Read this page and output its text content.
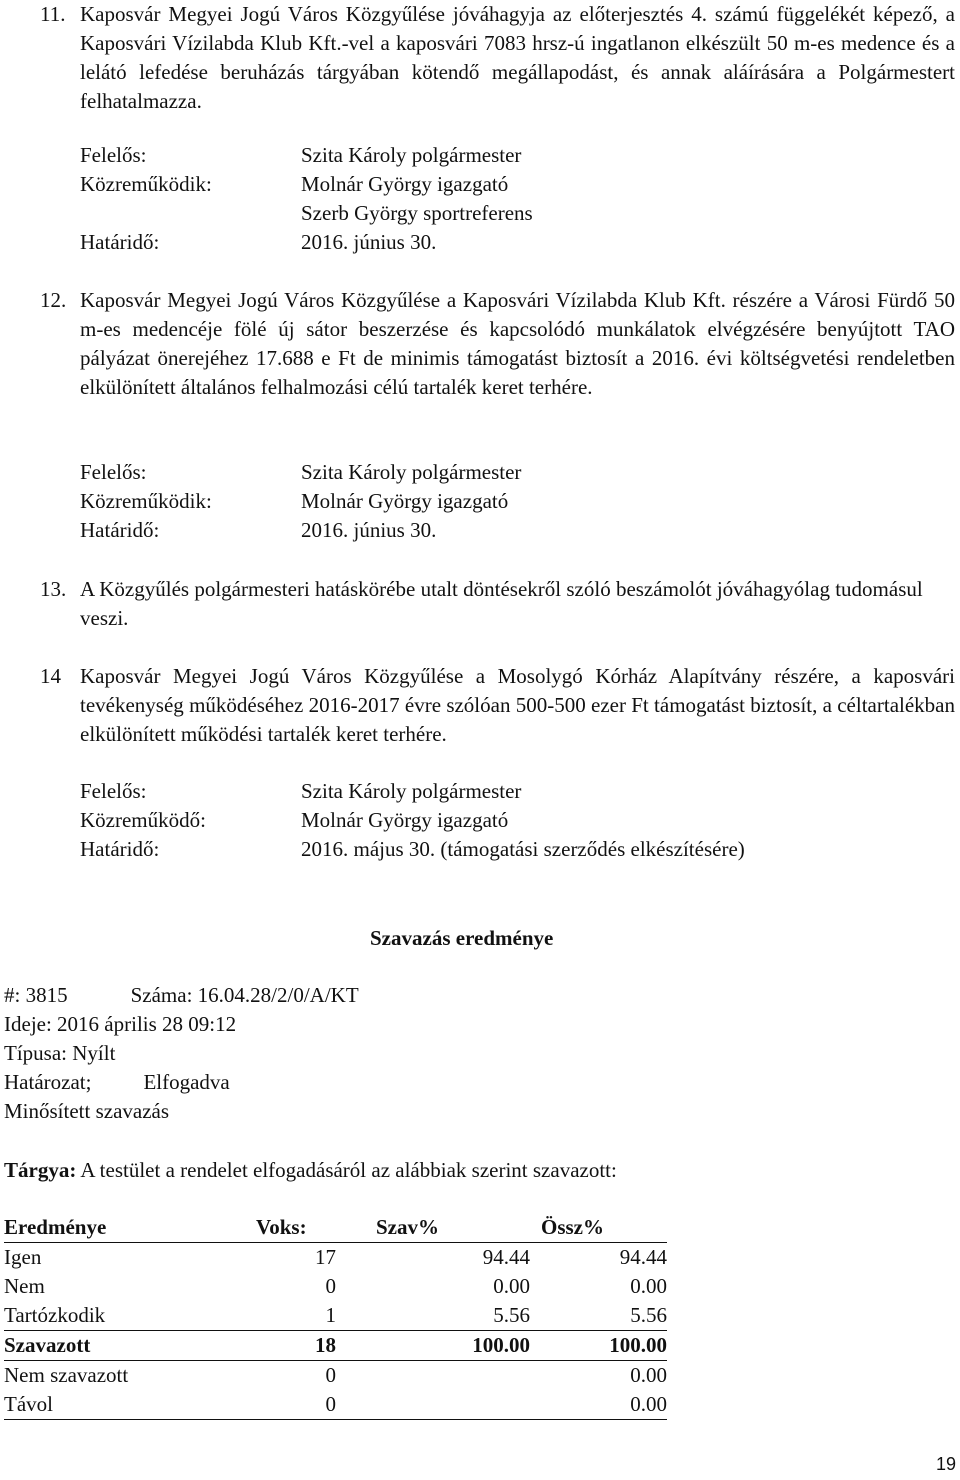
11. Kaposvár Megyei Jogú Város Közgyűlése jóváhagyja az előterjesztés 4. számú függelékét képező, a Kaposvári Vízilabda Klub Kft.-vel a kaposvári 7083 hrsz-ú ingatlanon elkészült 50 m-es medence és a lelátó lefedése beruházás tárgyában kötendő megállapodást, és annak aláírására a Polgármestert felhatalmazza.
Felelős:	Szita Károly polgármester
Közreműködik:	Molnár György igazgató
Szerb György sportreferens
Határidő:	2016. június 30.
12. Kaposvár Megyei Jogú Város Közgyűlése a Kaposvári Vízilabda Klub Kft. részére a Városi Fürdő 50 m-es medencéje fölé új sátor beszerzése és kapcsolódó munkálatok elvégzésére benyújtott TAO pályázat önerejéhez 17.688 e Ft de minimis támogatást biztosít a 2016. évi költségvetési rendeletben elkülönített általános felhalmozási célú tartalék keret terhére.
Felelős:	Szita Károly polgármester
Közreműködik:	Molnár György igazgató
Határidő:	2016. június 30.
13. A Közgyűlés polgármesteri hatáskörébe utalt döntésekről szóló beszámolót jóváhagyólag tudomásul veszi.
14 Kaposvár Megyei Jogú Város Közgyűlése a Mosolygó Kórház Alapítvány részére, a kaposvári tevékenység működéséhez 2016-2017 évre szólóan 500-500 ezer Ft támogatást biztosít, a céltartalékban elkülönített működési tartalék keret terhére.
Felelős:	Szita Károly polgármester
Közreműködő:	Molnár György igazgató
Határidő:	2016. május 30. (támogatási szerződés elkészítésére)
Szavazás eredménye
#: 3815	Száma: 16.04.28/2/0/A/KT
Ideje: 2016 április 28 09:12
Típusa: Nyílt
Határozat; Elfogadva
Minősített szavazás
Tárgya: A testület a rendelet elfogadásáról az alábbiak szerint szavazott:
Eredménye	Voks:	Szav%	Össz%
Igen	17	94.44	94.44
Nem	0	0.00	0.00
Tartózkodik	1	5.56	5.56
Szavazott	18	100.00	100.00
Nem szavazott	0		0.00
Távol	0		0.00
19
